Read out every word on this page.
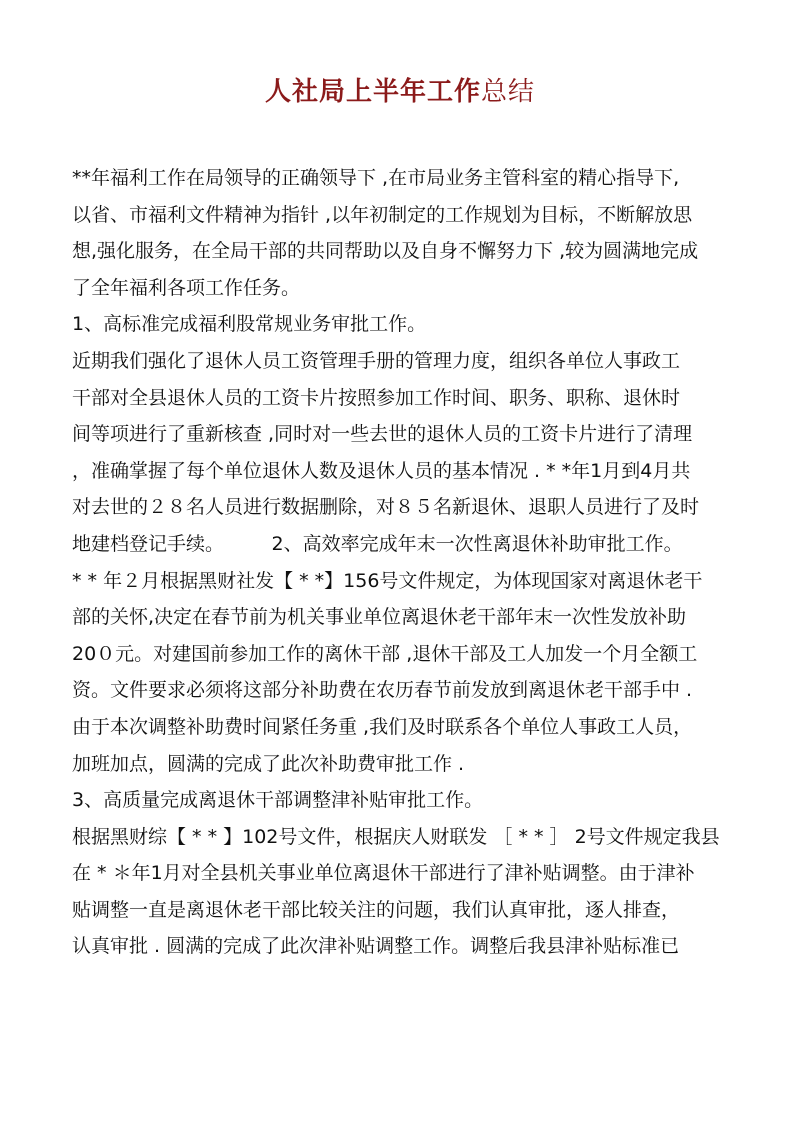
人社局上半年工作总结
**年福利工作在局领导的正确领导下 ,在市局业务主管科室的精心指导下,
以省、市福利文件精神为指针 ,以年初制定的工作规划为目标，不断解放思
想,强化服务，在全局干部的共同帮助以及自身不懈努力下 ,较为圆满地完成
了全年福利各项工作任务。
1、高标准完成福利股常规业务审批工作。
近期我们强化了退休人员工资管理手册的管理力度，组织各单位人事政工
干部对全县退休人员的工资卡片按照参加工作时间、职务、职称、退休时
间等项进行了重新核查 ,同时对一些去世的退休人员的工资卡片进行了清理
，准确掌握了每个单位退休人数及退休人员的基本情况 . * *年1月到4月共
对去世的２８名人员进行数据删除，对８５名新退休、退职人员进行了及时
地建档登记手续。　　　2、高效率完成年末一次性离退休补助审批工作。
* * 年２月根据黑财社发【 * *】156号文件规定，为体现国家对离退休老干
部的关怀,决定在春节前为机关事业单位离退休老干部年末一次性发放补助
20０元。对建国前参加工作的离休干部 ,退休干部及工人加发一个月全额工
资。文件要求必须将这部分补助费在农历春节前发放到离退休老干部手中 .
由于本次调整补助费时间紧任务重 ,我们及时联系各个单位人事政工人员，
加班加点，圆满的完成了此次补助费审批工作 .
3、高质量完成离退休干部调整津补贴审批工作。
根据黑财综【 * * 】102号文件，根据庆人财联发 ［ * * ］ 2号文件规定我县
在 * ＊年1月对全县机关事业单位离退休干部进行了津补贴调整。由于津补
贴调整一直是离退休老干部比较关注的问题，我们认真审批，逐人排查，
认真审批 . 圆满的完成了此次津补贴调整工作。调整后我县津补贴标准已
